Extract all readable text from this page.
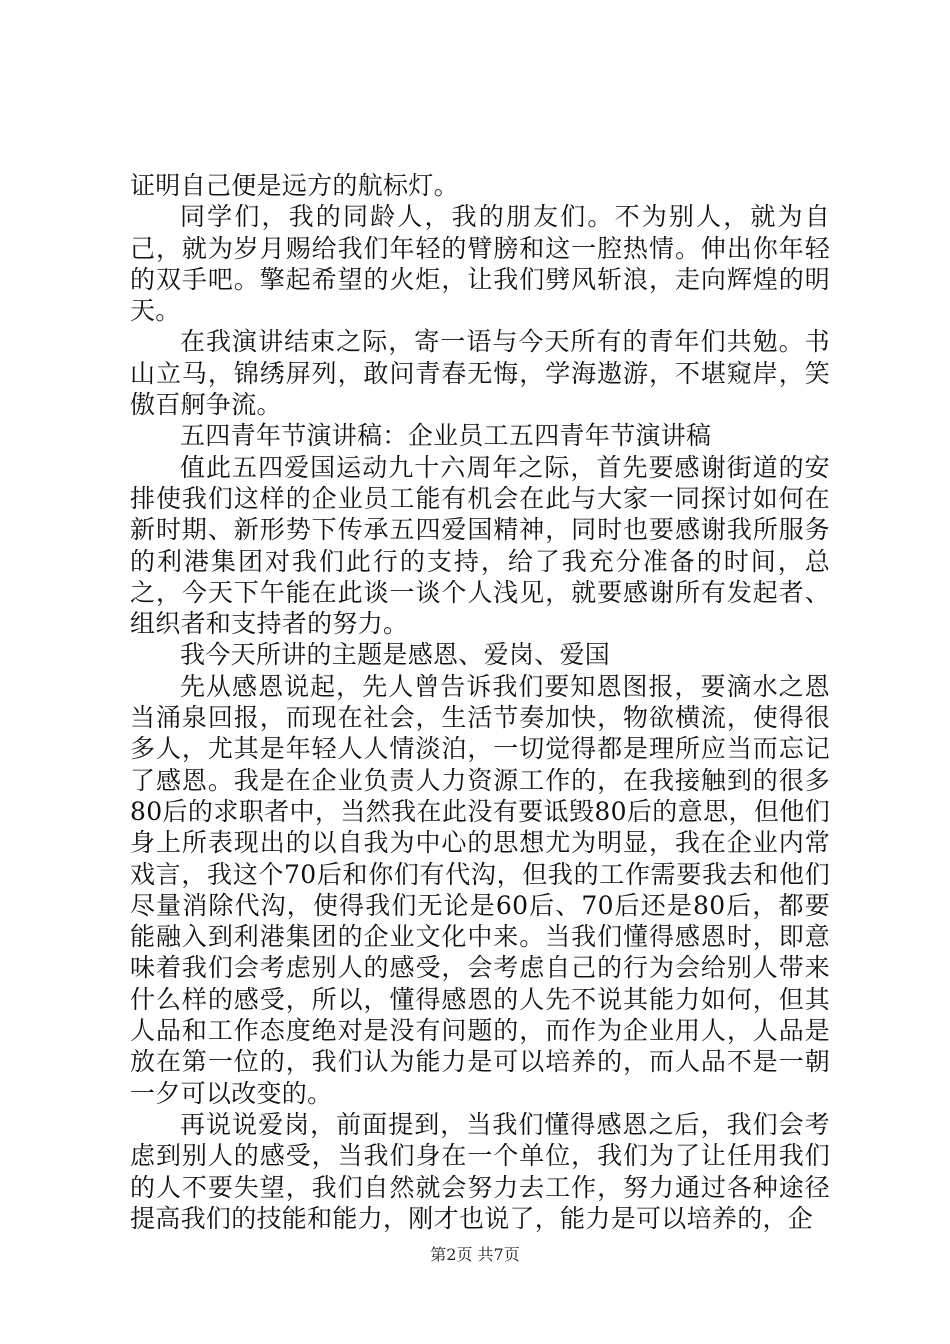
证明自己便是远方的航标灯。

同学们，我的同龄人，我的朋友们。不为别人，就为自己，就为岁月赐给我们年轻的臂膀和这一腔热情。伸出你年轻的双手吧。擎起希望的火炬，让我们劈风斩浪，走向辉煌的明天。

在我演讲结束之际，寄一语与今天所有的青年们共勉。书山立马，锦绣屏列，敢问青春无悔，学海遨游，不堪窥岸，笑傲百舸争流。

五四青年节演讲稿：企业员工五四青年节演讲稿

值此五四爱国运动九十六周年之际，首先要感谢街道的安排使我们这样的企业员工能有机会在此与大家一同探讨如何在新时期、新形势下传承五四爱国精神，同时也要感谢我所服务的利港集团对我们此行的支持，给了我充分准备的时间，总之，今天下午能在此谈一谈个人浅见，就要感谢所有发起者、组织者和支持者的努力。

我今天所讲的主题是感恩、爱岗、爱国

先从感恩说起，先人曾告诉我们要知恩图报，要滴水之恩当涌泉回报，而现在社会，生活节奏加快，物欲横流，使得很多人，尤其是年轻人人情淡泊，一切觉得都是理所应当而忘记了感恩。我是在企业负责人力资源工作的，在我接触到的很多80后的求职者中，当然我在此没有要诋毁80后的意思，但他们身上所表现出的以自我为中心的思想尤为明显，我在企业内常戏言，我这个70后和你们有代沟，但我的工作需要我去和他们尽量消除代沟，使得我们无论是60后、70后还是80后，都要能融入到利港集团的企业文化中来。当我们懂得感恩时，即意味着我们会考虑别人的感受，会考虑自己的行为会给别人带来什么样的感受，所以，懂得感恩的人先不说其能力如何，但其人品和工作态度绝对是没有问题的，而作为企业用人，人品是放在第一位的，我们认为能力是可以培养的，而人品不是一朝一夕可以改变的。

再说说爱岗，前面提到，当我们懂得感恩之后，我们会考虑到别人的感受，当我们身在一个单位，我们为了让任用我们的人不要失望，我们自然就会努力去工作，努力通过各种途径提高我们的技能和能力，刚才也说了，能力是可以培养的，企

第2页 共7页
